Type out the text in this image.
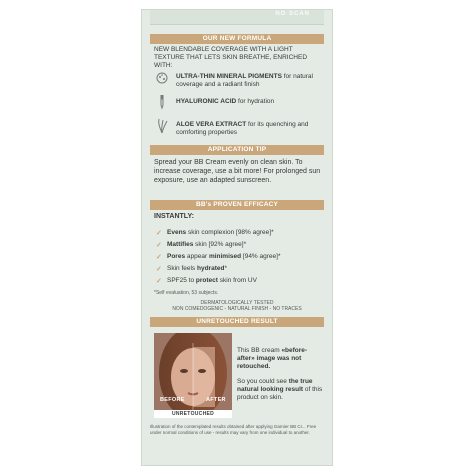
NO SCAN
OUR NEW FORMULA
NEW BLENDABLE COVERAGE WITH A LIGHT TEXTURE THAT LETS SKIN BREATHE, ENRICHED WITH:
ULTRA-THIN MINERAL PIGMENTS for natural coverage and a radiant finish
HYALURONIC ACID for hydration
ALOE VERA EXTRACT for its quenching and comforting properties
APPLICATION TIP
Spread your BB Cream evenly on clean skin. To increase coverage, use a bit more! For prolonged sun exposure, use an adapted sunscreen.
BB's PROVEN EFFICACY
INSTANTLY:
✓ Evens skin complexion [98% agree]*
✓ Mattifies skin [92% agree]*
✓ Pores appear minimised [94% agree]*
✓ Skin feels hydrated*
✓ SPF25 to protect skin from UV
*Self evaluation, 53 subjects.
DERMATOLOGICALLY TESTED
NON COMEDOGENIC - NATURAL FINISH - NO TRACES
UNRETOUCHED RESULT
BEFORE	AFTER
UNRETOUCHED

This BB cream «before-after» image was not retouched.

So you could see the true natural looking result of this product on skin.

Illustration of the contemplated results obtained after applying Garnier BB Cr... Free under normal conditions of use - results may vary from one individual to another.
